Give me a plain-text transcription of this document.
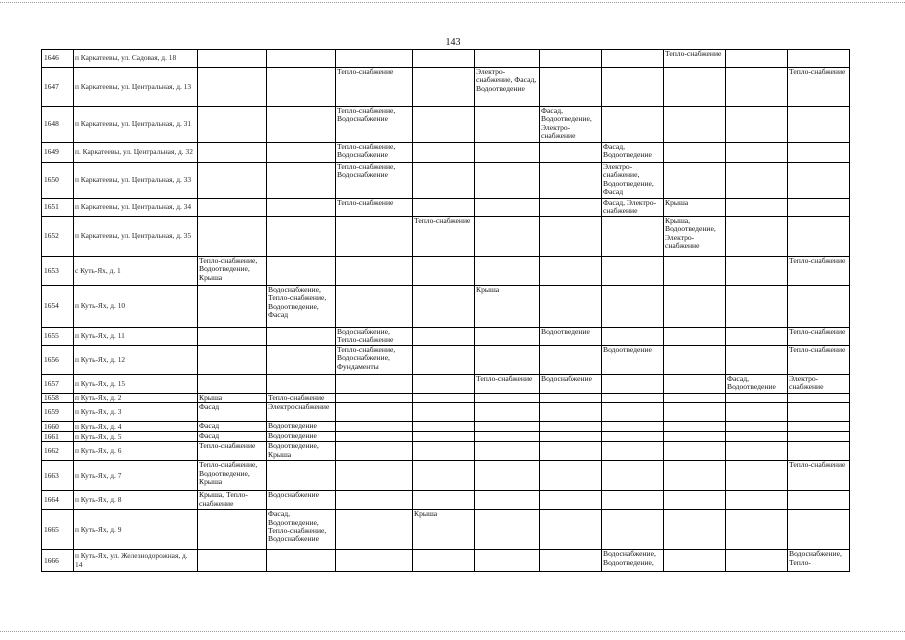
143
1646	п Каркатеевы, ул. Садовая, д. 18								Тепло-снабжение		
1647	п Каркатеевы, ул. Центральная, д. 13			Тепло-снабжение		Электро-снабжение, Фасад, Водоотведение					Тепло-снабжение
1648	п Каркатеевы, ул. Центральная, д. 31			Тепло-снабжение, Водоснабжение			Фасад, Водоотведение, Электро-снабжение				
1649	п. Каркатеевы, ул. Центральная, д. 32			Тепло-снабжение, Водоснабжение				Фасад, Водоотведение			
1650	п Каркатеевы, ул. Центральная, д. 33			Тепло-снабжение, Водоснабжение				Электро-снабжение, Водоотведение, Фасад			
1651	п Каркатеевы, ул. Центральная, д. 34			Тепло-снабжение				Фасад, Электро-снабжение	Крыша		
1652	п Каркатеевы, ул. Центральная, д. 35				Тепло-снабжение				Крыша, Водоотведение, Электро-снабжение		
1653	с Куть-Ях, д. 1	Тепло-снабжение, Водоотведение, Крыша									Тепло-снабжение
1654	п Куть-Ях, д. 10		Водоснабжение, Тепло-снабжение, Водоотведение, Фасад			Крыша					
1655	п Куть-Ях, д. 11			Водоснабжение, Тепло-снабжение			Водоотведение				Тепло-снабжение
1656	п Куть-Ях, д. 12			Тепло-снабжение, Водоснабжение, Фундаменты				Водоотведение			Тепло-снабжение
1657	п Куть-Ях, д. 15					Тепло-снабжение	Водоснабжение			Фасад, Водоотведение	Электро-снабжение
1658	п Куть-Ях, д. 2	Крыша	Тепло-снабжение								
1659	п Куть-Ях, д. 3	Фасад	Электроснабжение								
1660	п Куть-Ях, д. 4	Фасад	Водоотведение								
1661	п Куть-Ях, д. 5	Фасад	Водоотведение								
1662	п Куть-Ях, д. 6	Тепло-снабжение	Водоотведение, Крыша								
1663	п Куть-Ях, д. 7	Тепло-снабжение, Водоотведение, Крыша									Тепло-снабжение
1664	п Куть-Ях, д. 8	Крыша, Тепло-снабжение	Водоснабжение								
1665	п Куть-Ях, д. 9		Фасад, Водоотведение, Тепло-снабжение, Водоснабжение		Крыша						
1666	п Куть-Ях, ул. Железнодорожная, д. 14							Водоснабжение, Водоотведение,			Водоснабжение, Тепло-
